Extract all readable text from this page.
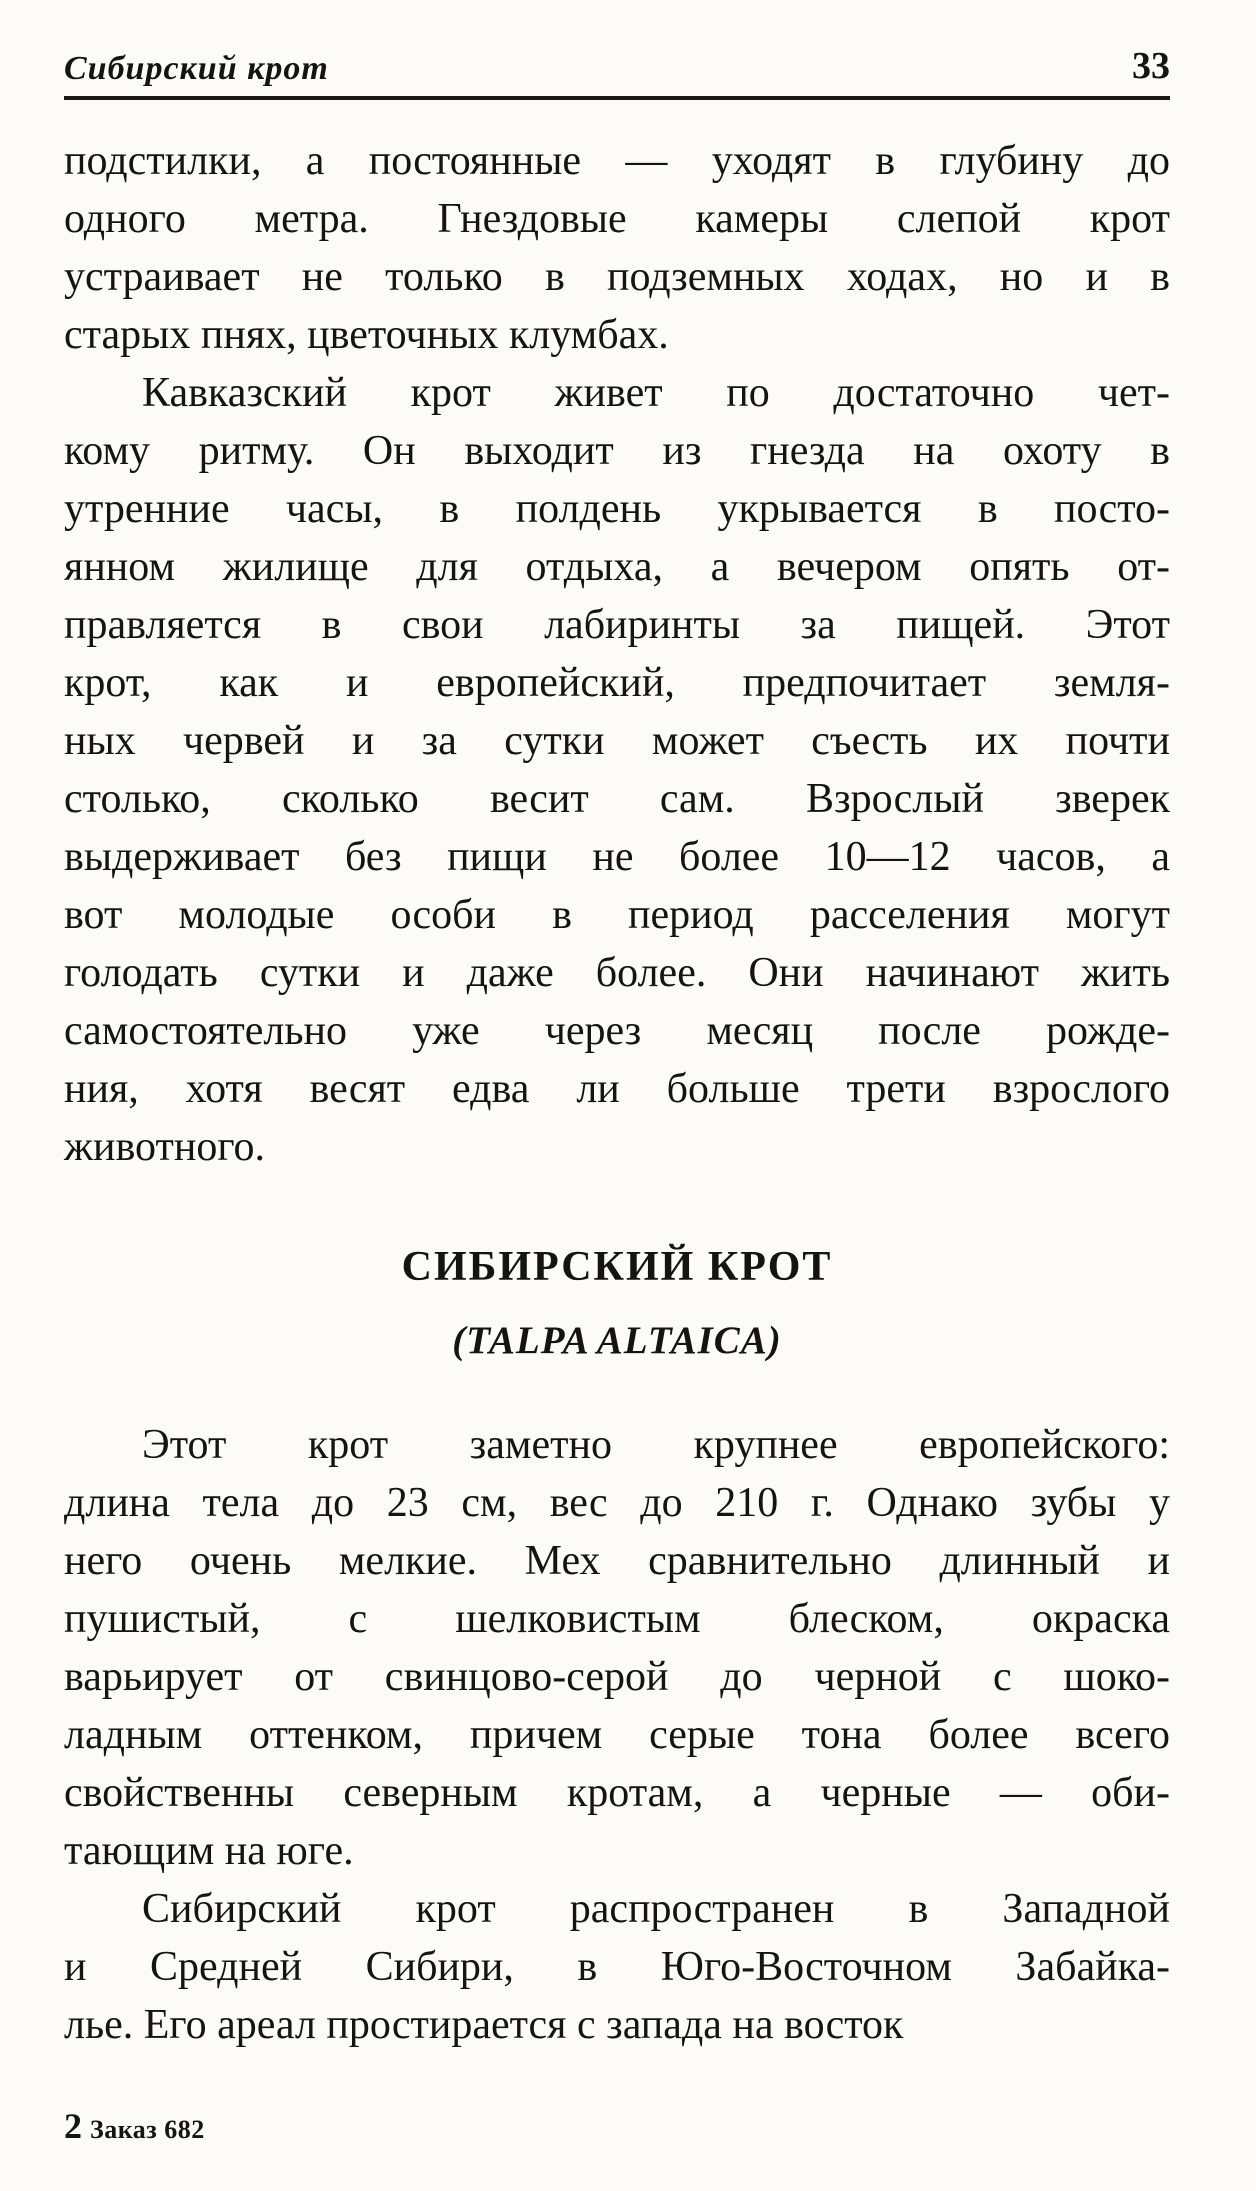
Сибирский крот	33
подстилки, а постоянные — уходят в глубину до
одного метра. Гнездовые камеры слепой крот
устраивает не только в подземных ходах, но и в
старых пнях, цветочных клумбах.
Кавказский крот живет по достаточно чет-
кому ритму. Он выходит из гнезда на охоту в
утренние часы, в полдень укрывается в посто-
янном жилище для отдыха, а вечером опять от-
правляется в свои лабиринты за пищей. Этот
крот, как и европейский, предпочитает земля-
ных червей и за сутки может съесть их почти
столько, сколько весит сам. Взрослый зверек
выдерживает без пищи не более 10—12 часов, а
вот молодые особи в период расселения могут
голодать сутки и даже более. Они начинают жить
самостоятельно уже через месяц после рожде-
ния, хотя весят едва ли больше трети взрослого
животного.
СИБИРСКИЙ КРОТ
(TALPA ALTAICA)
Этот крот заметно крупнее европейского:
длина тела до 23 см, вес до 210 г. Однако зубы у
него очень мелкие. Мех сравнительно длинный и
пушистый, с шелковистым блеском, окраска
варьирует от свинцово-серой до черной с шоко-
ладным оттенком, причем серые тона более всего
свойственны северным кротам, а черные — оби-
тающим на юге.
Сибирский крот распространен в Западной
и Средней Сибири, в Юго-Восточном Забайка-
лье. Его ареал простирается с запада на восток
2 Заказ 682
